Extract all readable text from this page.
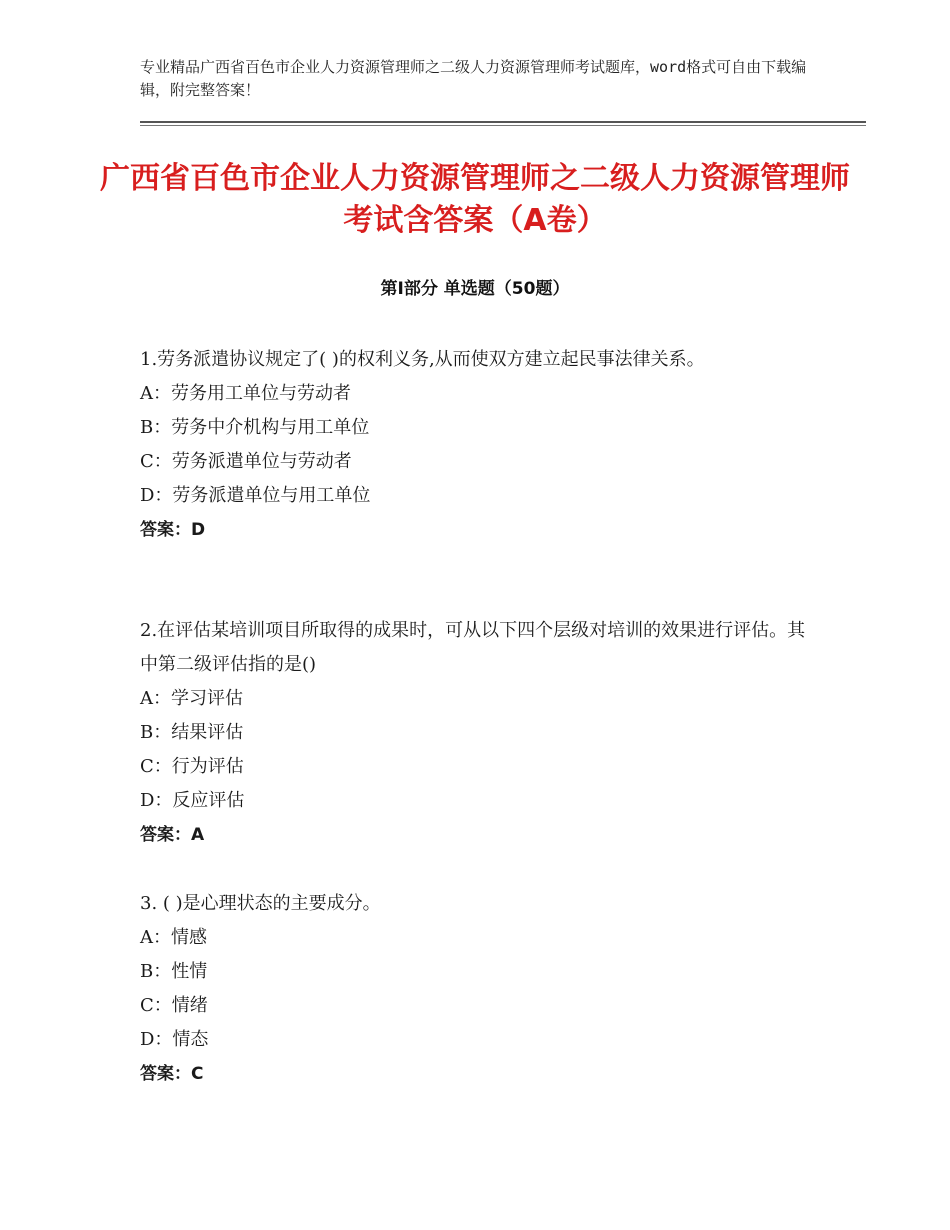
专业精品广西省百色市企业人力资源管理师之二级人力资源管理师考试题库，word格式可自由下载编辑，附完整答案！
广西省百色市企业人力资源管理师之二级人力资源管理师考试含答案（A卷）
第Ⅰ部分 单选题（50题）
1.劳务派遣协议规定了( )的权利义务,从而使双方建立起民事法律关系。
A：劳务用工单位与劳动者
B：劳务中介机构与用工单位
C：劳务派遣单位与劳动者
D：劳务派遣单位与用工单位
答案：D
2.在评估某培训项目所取得的成果时，可从以下四个层级对培训的效果进行评估。其中第二级评估指的是()
A：学习评估
B：结果评估
C：行为评估
D：反应评估
答案：A
3. ( )是心理状态的主要成分。
A：情感
B：性情
C：情绪
D：情态
答案：C
